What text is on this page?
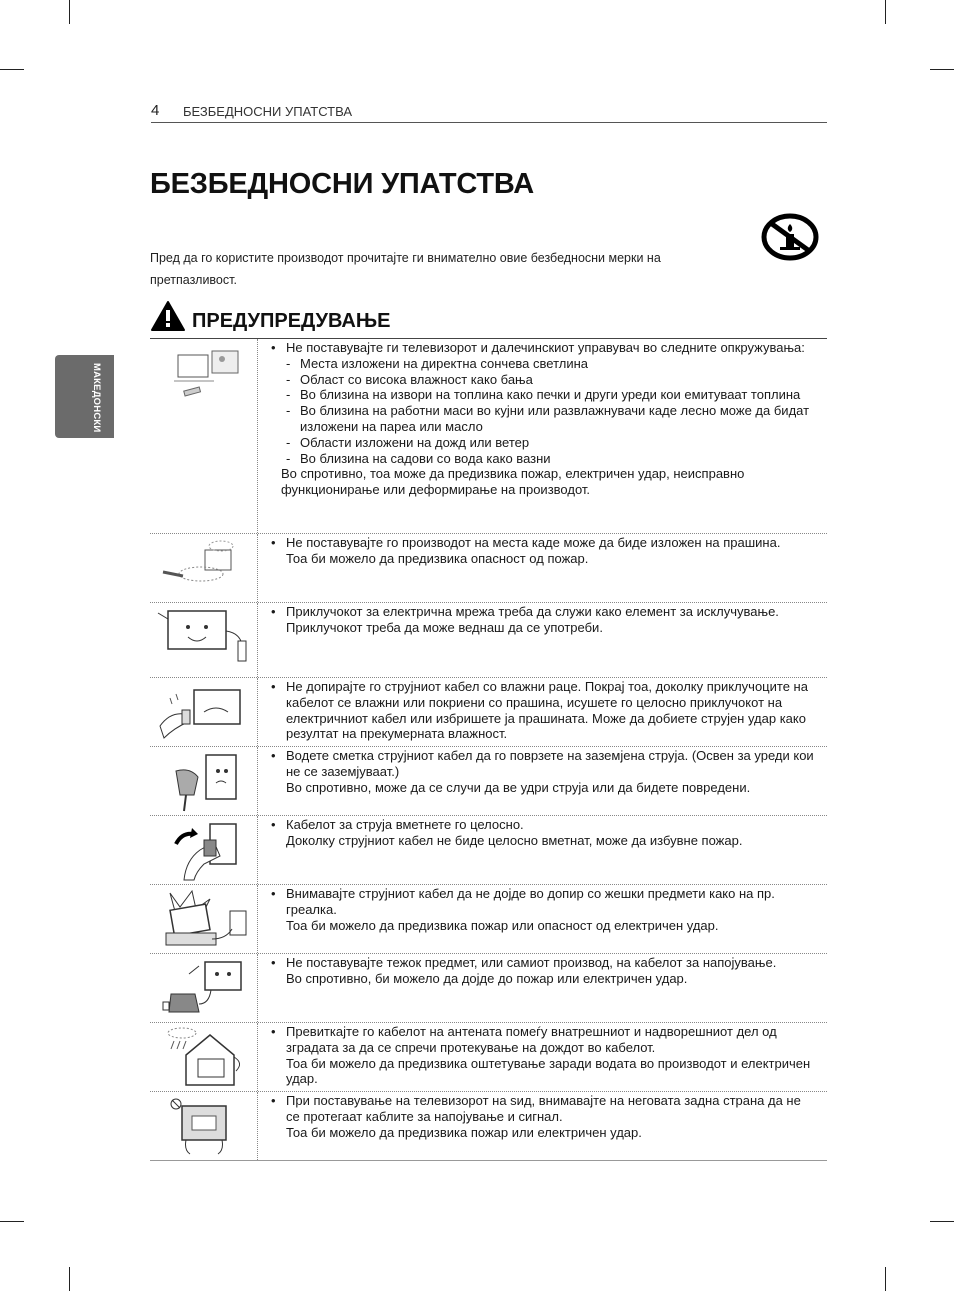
4 БЕЗБЕДНОСНИ УПАТСТВА
БЕЗБЕДНОСНИ УПАТСТВА
Пред да го користите производот прочитајте ги внимателно овие безбедносни мерки на претпазливост.
МАКЕДОНСКИ
ПРЕДУПРЕДУВАЊЕ
• Не поставувајте ги телевизорот и далечинскиот управувач во следните опкружувања:
- Места изложени на директна сончева светлина
- Област со висока влажност како бања
- Во близина на извори на топлина како печки и други уреди кои емитуваат топлина
- Во близина на работни маси во кујни или развлажнувачи каде лесно може да бидат изложени на пареа или масло
- Области изложени на дожд или ветер
- Во близина на садови со вода како вазни
Во спротивно, тоа може да предизвика пожар, електричен удар, неисправно функционирање или деформирање на производот.
• Не поставувајте го производот на места каде може да биде изложен на прашина.
Тоа би можело да предизвика опасност од пожар.
• Приклучокот за електрична мрежа треба да служи како елемент за исклучување. Приклучокот треба да може веднаш да се употреби.
• Не допирајте го струјниот кабел со влажни раце. Покрај тоа, доколку приклучоците на кабелот се влажни или покриени со прашина, исушете го целосно приклучокот на електричниот кабел или избришете ја прашината. Може да добиете струјен удар како резултат на прекумерната влажност.
• Водете сметка струјниот кабел да го поврзете на заземјена струја. (Освен за уреди кои не се заземјуваат.)
Во спротивно, може да се случи да ве удри струја или да бидете повредени.
• Кабелот за струја вметнете го целосно.
Доколку струјниот кабел не биде целосно вметнат, може да избувне пожар.
• Внимавајте струјниот кабел да не дојде во допир со жешки предмети како на пр. греалка.
Тоа би можело да предизвика пожар или опасност од електричен удар.
• Не поставувајте тежок предмет, или самиот производ, на кабелот за напојување.
Во спротивно, би можело да дојде до пожар или електричен удар.
• Превиткајте го кабелот на антената помеѓу внатрешниот и надворешниот дел од зградата за да се спречи протекување на дождот во кабелот.
Тоа би можело да предизвика оштетување заради водата во производот и електричен удар.
• При поставување на телевизорот на ѕид, внимавајте на неговата задна страна да не се протегаат каблите за напојување и сигнал.
Тоа би можело да предизвика пожар или електричен удар.
